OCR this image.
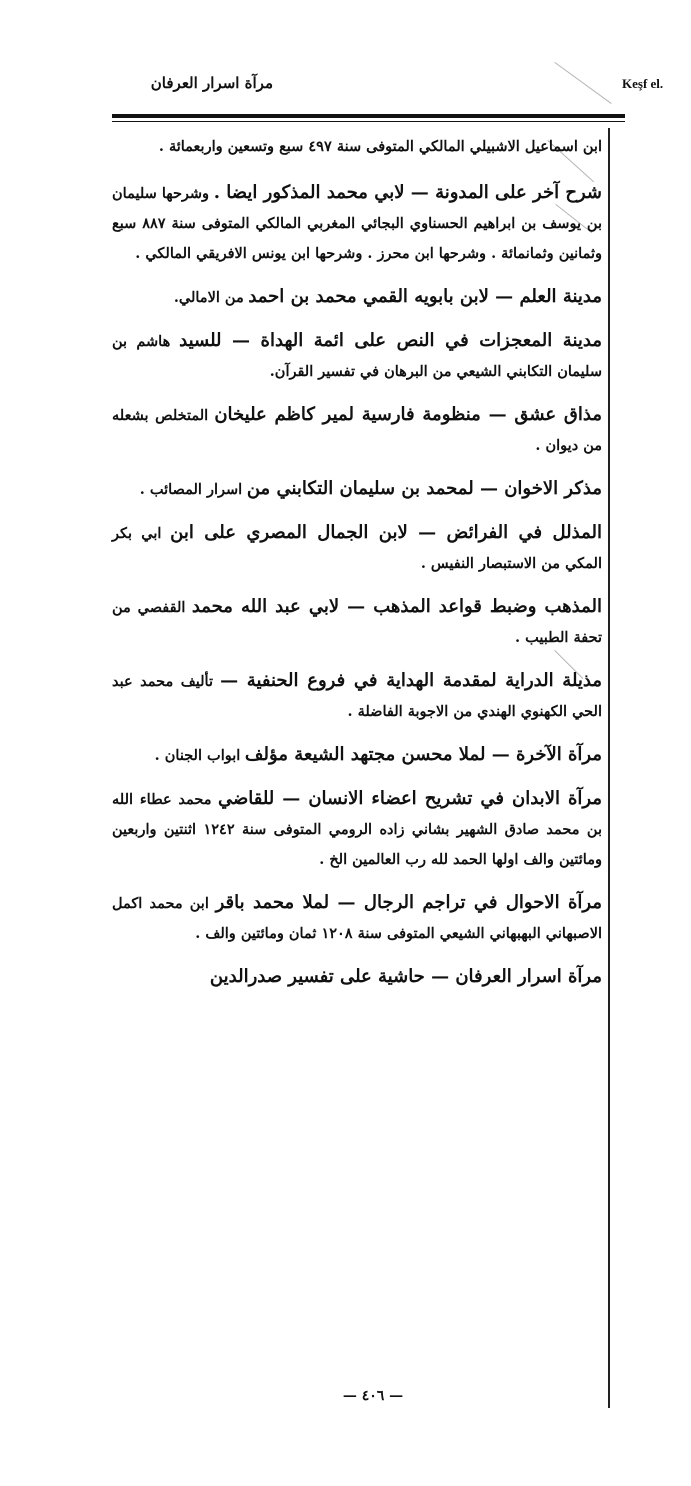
مرآة اسرار العرفان	Keşf el.
ابن اسماعيل الاشبيلي المالكي المتوفى سنة ٤٩٧ سبع وتسعين واربعمائة .
شرح آخر على المدونة — لابي محمد المذكور ايضا . وشرحها سليمان بن يوسف بن ابراهيم الحسناوي البجائي المغربي المالكي المتوفى سنة ٨٨٧ سبع وثمانين وثمانمائة . وشرحها ابن محرز . وشرحها ابن يونس الافريقي المالكي .
مدينة العلم — لابن بابويه القمي محمد بن احمد من الامالي.
مدينة المعجزات في النص على ائمة الهداة — للسيد هاشم بن سليمان التكابني الشيعي من البرهان في تفسير القرآن.
مذاق عشق — منظومة فارسية لمير كاظم عليخان المتخلص بشعله من ديوان .
مذكر الاخوان — لمحمد بن سليمان التكابني من اسرار المصائب .
المذلل في الفرائض — لابن الجمال المصري على ابن ابي بكر المكي من الاستبصار النفيس .
المذهب وضبط قواعد المذهب — لابي عبد الله محمد القفصي من تحفة الطبيب .
مذيلة الدراية لمقدمة الهداية في فروع الحنفية — تأليف محمد عبد الحي الكهنوي الهندي من الاجوبة الفاضلة .
مرآة الآخرة — لملا محسن مجتهد الشيعة مؤلف ابواب الجنان .
مرآة الابدان في تشريح اعضاء الانسان — للقاضي محمد عطاء الله بن محمد صادق الشهير بشاني زاده الرومي المتوفى سنة ١٢٤٢ اثنتين واربعين ومائتين والف اولها الحمد لله رب العالمين الخ .
مرآة الاحوال في تراجم الرجال — لملا محمد باقر ابن محمد اكمل الاصبهاني البهبهاني الشيعي المتوفى سنة ١٢٠٨ ثمان ومائتين والف .
مرآة اسرار العرفان — حاشية على تفسير صدرالدين
— ٤٠٦ —
